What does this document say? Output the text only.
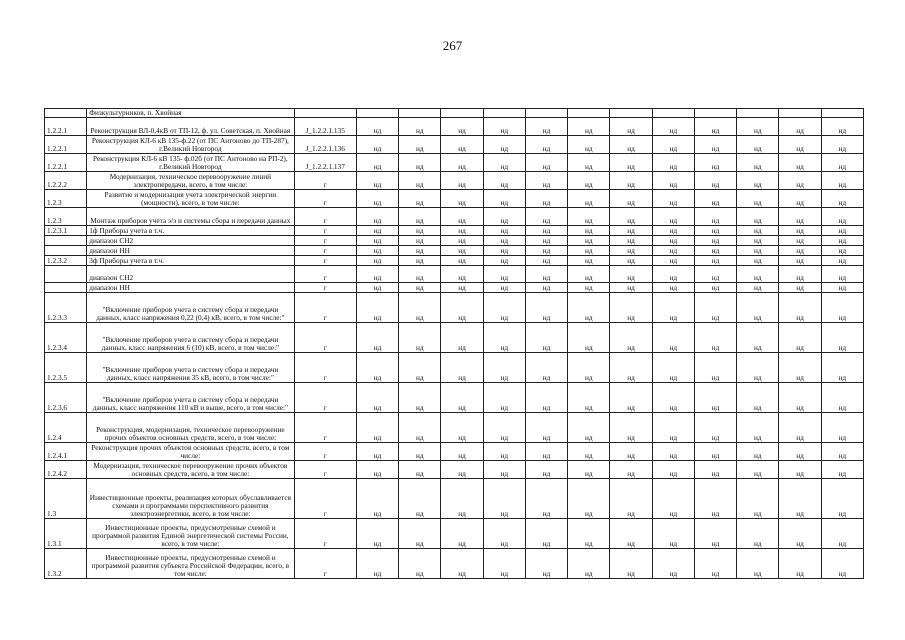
267
	Физкультурников, п. Хвойная													
1.2.2.1	Реконструкция ВЛ-0,4кВ от ТП-12, ф. ул. Советская, п. Хвойная	J_1.2.2.1.135	нд	нд	нд	нд	нд	нд	нд	нд	нд	нд	нд	нд
1.2.2.1	Реконструкция КЛ-6 кВ 135-ф.22 (от ПС Антоново до ТП-287), г.Великий Новгород	J_1.2.2.1.136	нд	нд	нд	нд	нд	нд	нд	нд	нд	нд	нд	нд
1.2.2.1	Реконструкция КЛ-6 кВ 135- ф.02б (от ПС Антоново на РП-2), г.Великий Новгород	J_1.2.2.1.137	нд	нд	нд	нд	нд	нд	нд	нд	нд	нд	нд	нд
1.2.2.2	Модернизация, техническое перевооружение линий электропередачи, всего, в том числе:	г	нд	нд	нд	нд	нд	нд	нд	нд	нд	нд	нд	нд
1.2.3	Развитие и модернизация учета электрической энергии (мощности), всего, в том числе:	г	нд	нд	нд	нд	нд	нд	нд	нд	нд	нд	нд	нд
1.2.3	Монтаж приборов учета э/э и системы сбора и передачи данных	г	нд	нд	нд	нд	нд	нд	нд	нд	нд	нд	нд	нд
1.2.3.1	1ф Приборы учета в т.ч.	г	нд	нд	нд	нд	нд	нд	нд	нд	нд	нд	нд	нд
	диапазон СН2	г	нд	нд	нд	нд	нд	нд	нд	нд	нд	нд	нд	нд
	диапазон НН	г	нд	нд	нд	нд	нд	нд	нд	нд	нд	нд	нд	нд
1.2.3.2	3ф Приборы учета в т.ч.	г	нд	нд	нд	нд	нд	нд	нд	нд	нд	нд	нд	нд
	диапазон СН2	г	нд	нд	нд	нд	нд	нд	нд	нд	нд	нд	нд	нд
	диапазон НН	г	нд	нд	нд	нд	нд	нд	нд	нд	нд	нд	нд	нд
1.2.3.3	"Включение приборов учета в систему сбора и передачи данных, класс напряжения 0,22 (0,4) кВ, всего, в том числе:"	г	нд	нд	нд	нд	нд	нд	нд	нд	нд	нд	нд	нд
1.2.3.4	"Включение приборов учета в систему сбора и передачи данных, класс напряжения 6 (10) кВ, всего, в том числе:"	г	нд	нд	нд	нд	нд	нд	нд	нд	нд	нд	нд	нд
1.2.3.5	"Включение приборов учета в систему сбора и передачи данных, класс напряжения 35 кВ, всего, в том числе:"	г	нд	нд	нд	нд	нд	нд	нд	нд	нд	нд	нд	нд
1.2.3.6	"Включение приборов учета в систему сбора и передачи данных, класс напряжения 110 кВ и выше, всего, в том числе:"	г	нд	нд	нд	нд	нд	нд	нд	нд	нд	нд	нд	нд
1.2.4	Реконструкция, модернизация, техническое перевооружение прочих объектов основных средств, всего, в том числе:	г	нд	нд	нд	нд	нд	нд	нд	нд	нд	нд	нд	нд
1.2.4.1	Реконструкция прочих объектов основных средств, всего, в том числе:	г	нд	нд	нд	нд	нд	нд	нд	нд	нд	нд	нд	нд
1.2.4.2	Модернизация, техническое перевооружение прочих объектов основных средств, всего, в том числе:	г	нд	нд	нд	нд	нд	нд	нд	нд	нд	нд	нд	нд
1.3	Инвестиционные проекты, реализация которых обуславливается схемами и программами перспективного развития электроэнергетики, всего, в том числе:	г	нд	нд	нд	нд	нд	нд	нд	нд	нд	нд	нд	нд
1.3.1	Инвестиционные проекты, предусмотренные схемой и программой развития Единой энергетической системы России, всего, в том числе:	г	нд	нд	нд	нд	нд	нд	нд	нд	нд	нд	нд	нд
1.3.2	Инвестиционные проекты, предусмотренные схемой и программой развития субъекта Российской Федерации, всего, в том числе:	г	нд	нд	нд	нд	нд	нд	нд	нд	нд	нд	нд	нд
